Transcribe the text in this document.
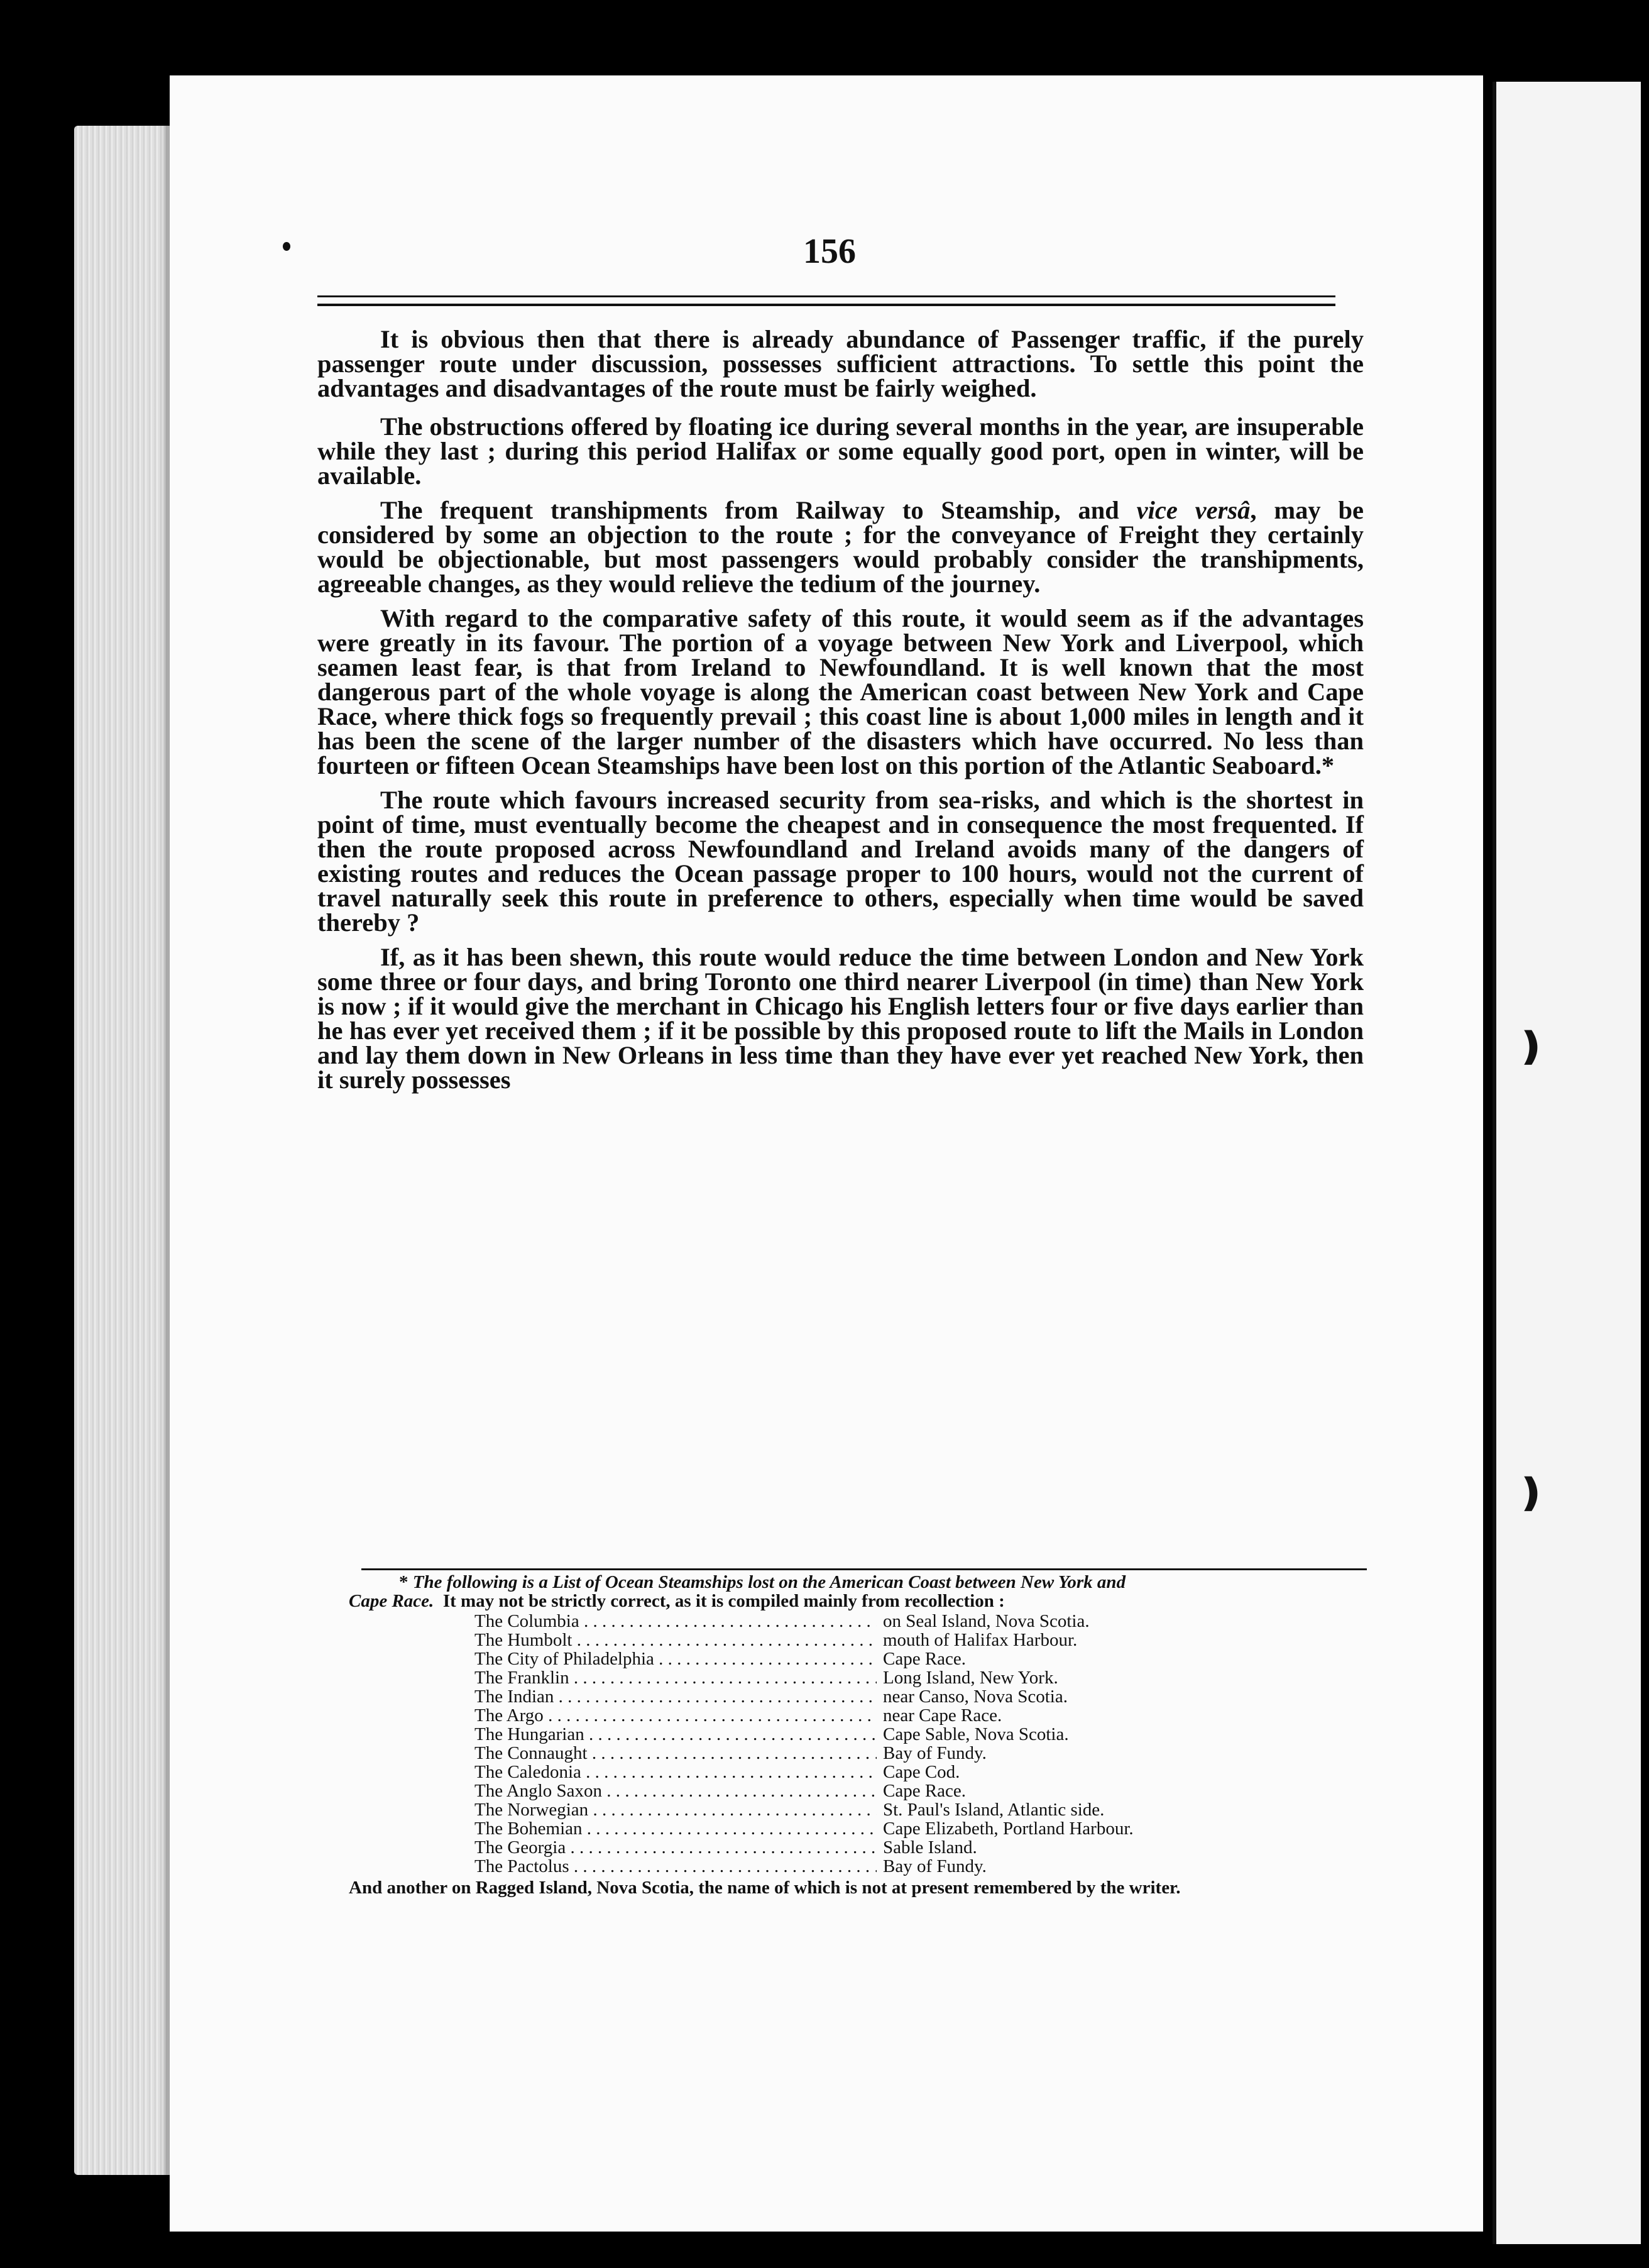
❫
❫
156

It is obvious then that there is already abundance of Passenger traffic, if the purely passenger route under discussion, possesses sufficient attractions. To settle this point the advantages and disadvantages of the route must be fairly weighed.

The obstructions offered by floating ice during several months in the year, are insuperable while they last ; during this period Halifax or some equally good port, open in winter, will be available.

The frequent transhipments from Railway to Steamship, and vice versâ, may be considered by some an objection to the route ; for the conveyance of Freight they certainly would be objectionable, but most passengers would probably consider the transhipments, agreeable changes, as they would relieve the tedium of the journey.

With regard to the comparative safety of this route, it would seem as if the advantages were greatly in its favour. The portion of a voyage between New York and Liverpool, which seamen least fear, is that from Ireland to Newfoundland. It is well known that the most dangerous part of the whole voyage is along the American coast between New York and Cape Race, where thick fogs so frequently prevail ; this coast line is about 1,000 miles in length and it has been the scene of the larger number of the disasters which have occurred. No less than fourteen or fifteen Ocean Steamships have been lost on this portion of the Atlantic Seaboard.*

The route which favours increased security from sea-risks, and which is the shortest in point of time, must eventually become the cheapest and in consequence the most frequented. If then the route proposed across Newfoundland and Ireland avoids many of the dangers of existing routes and reduces the Ocean passage proper to 100 hours, would not the current of travel naturally seek this route in preference to others, especially when time would be saved thereby ?

If, as it has been shewn, this route would reduce the time between London and New York some three or four days, and bring Toronto one third nearer Liverpool (in time) than New York is now ; if it would give the merchant in Chicago his English letters four or five days earlier than he has ever yet received them ; if it be possible by this proposed route to lift the Mails in London and lay them down in New Orleans in less time than they have ever yet reached New York, then it surely possesses

* The following is a List of Ocean Steamships lost on the American Coast between New York and

Cape Race. It may not be strictly correct, as it is compiled mainly from recollection :

The Columbia . . .	on Seal Island, Nova Scotia.
The Humbolt . . .	mouth of Halifax Harbour.
The City of Philadelphia . . .	Cape Race.
The Franklin . . .	Long Island, New York.
The Indian . . .	near Canso, Nova Scotia.
The Argo . . .	near Cape Race.
The Hungarian . . .	Cape Sable, Nova Scotia.
The Connaught . . .	Bay of Fundy.
The Caledonia . . .	Cape Cod.
The Anglo Saxon . . .	Cape Race.
The Norwegian . . .	St. Paul's Island, Atlantic side.
The Bohemian . . .	Cape Elizabeth, Portland Harbour.
The Georgia . . .	Sable Island.
The Pactolus . . .	Bay of Fundy.

And another on Ragged Island, Nova Scotia, the name of which is not at present remembered by the writer.
